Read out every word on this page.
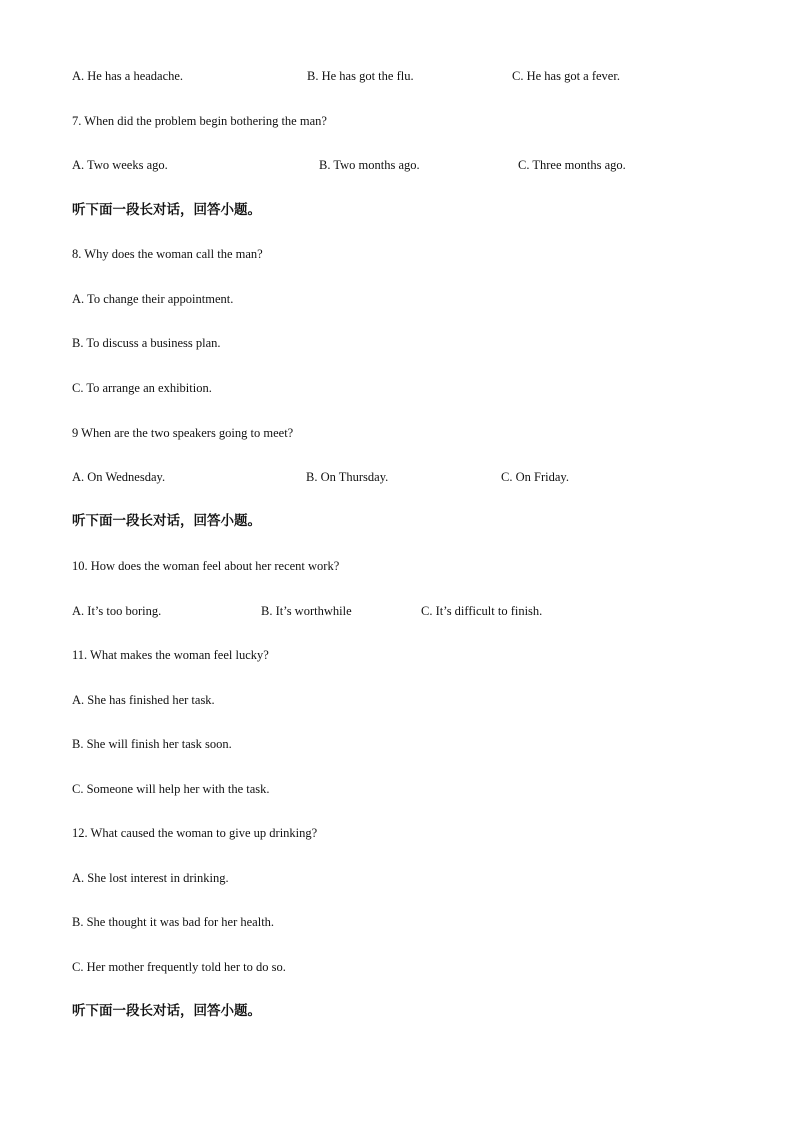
A. He has a headache.	B. He has got the flu.	C. He has got a fever.
7. When did the problem begin bothering the man?
A. Two weeks ago.	B. Two months ago.	C. Three months ago.
听下面一段长对话，回答小题。
8. Why does the woman call the man?
A. To change their appointment.
B. To discuss a business plan.
C. To arrange an exhibition.
9 When are the two speakers going to meet?
A. On Wednesday.	B. On Thursday.	C. On Friday.
听下面一段长对话，回答小题。
10. How does the woman feel about her recent work?
A. It’s too boring.	B. It’s worthwhile	C. It’s difficult to finish.
11. What makes the woman feel lucky?
A. She has finished her task.
B. She will finish her task soon.
C. Someone will help her with the task.
12. What caused the woman to give up drinking?
A. She lost interest in drinking.
B. She thought it was bad for her health.
C. Her mother frequently told her to do so.
听下面一段长对话，回答小题。
